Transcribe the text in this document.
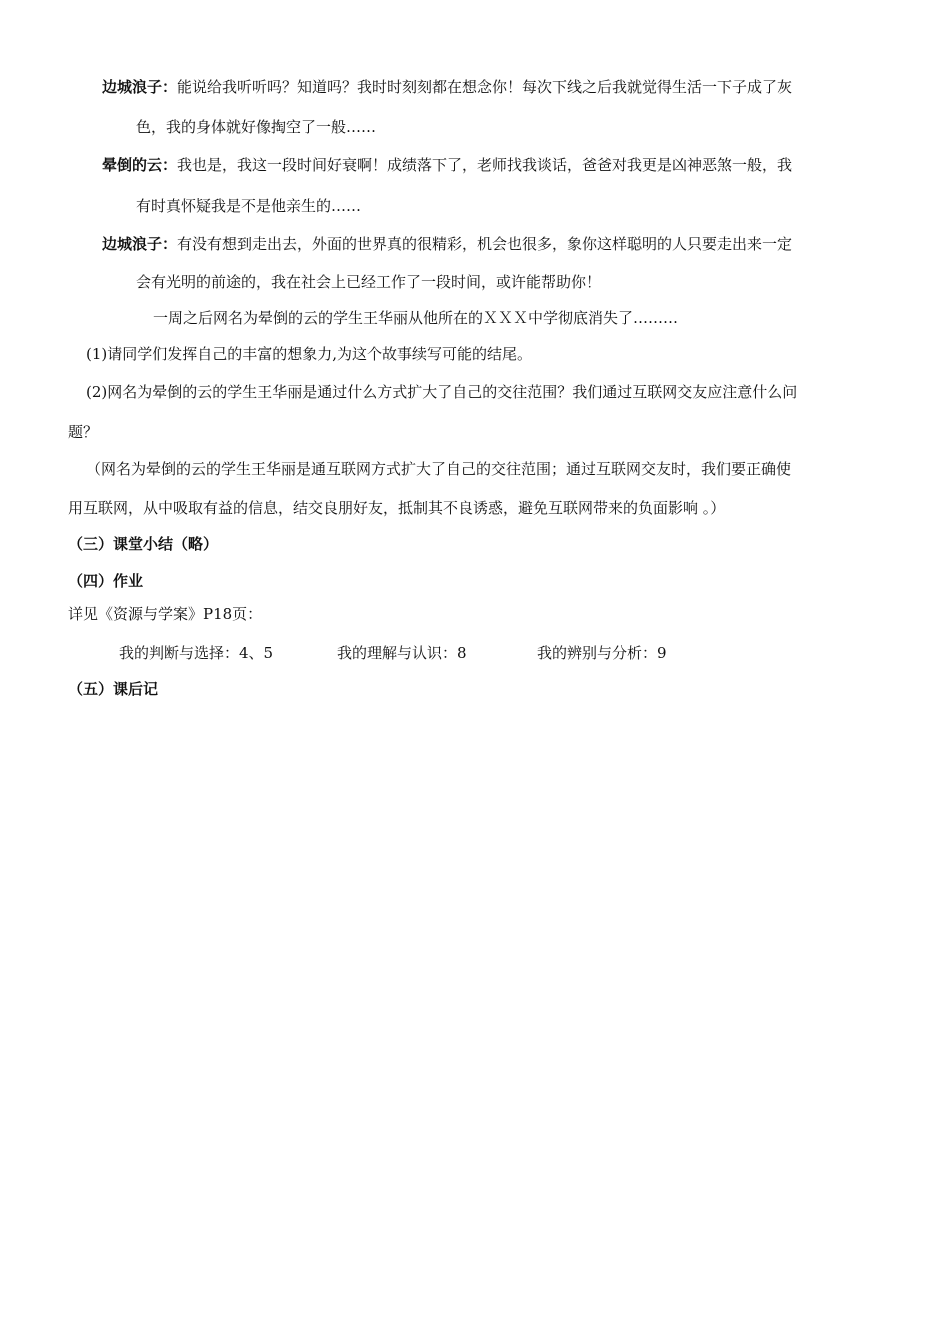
边城浪子：能说给我听听吗？知道吗？我时时刻刻都在想念你！每次下线之后我就觉得生活一下子成了灰
色，我的身体就好像掏空了一般……
晕倒的云：我也是，我这一段时间好衰啊！成绩落下了，老师找我谈话，爸爸对我更是凶神恶煞一般，我
有时真怀疑我是不是他亲生的……
边城浪子：有没有想到走出去，外面的世界真的很精彩，机会也很多，象你这样聪明的人只要走出来一定
会有光明的前途的，我在社会上已经工作了一段时间，或许能帮助你！
一周之后网名为晕倒的云的学生王华丽从他所在的ＸＸＸ中学彻底消失了………
(1)请同学们发挥自己的丰富的想象力,为这个故事续写可能的结尾。
(2)网名为晕倒的云的学生王华丽是通过什么方式扩大了自己的交往范围？我们通过互联网交友应注意什么问
题？
（网名为晕倒的云的学生王华丽是通互联网方式扩大了自己的交往范围；通过互联网交友时，我们要正确使
用互联网，从中吸取有益的信息，结交良朋好友，抵制其不良诱惑，避免互联网带来的负面影响 。）
（三）课堂小结（略）
（四）作业
详见《资源与学案》P18页：
我的判断与选择：4、5	我的理解与认识：8	我的辨别与分析：9
（五）课后记
